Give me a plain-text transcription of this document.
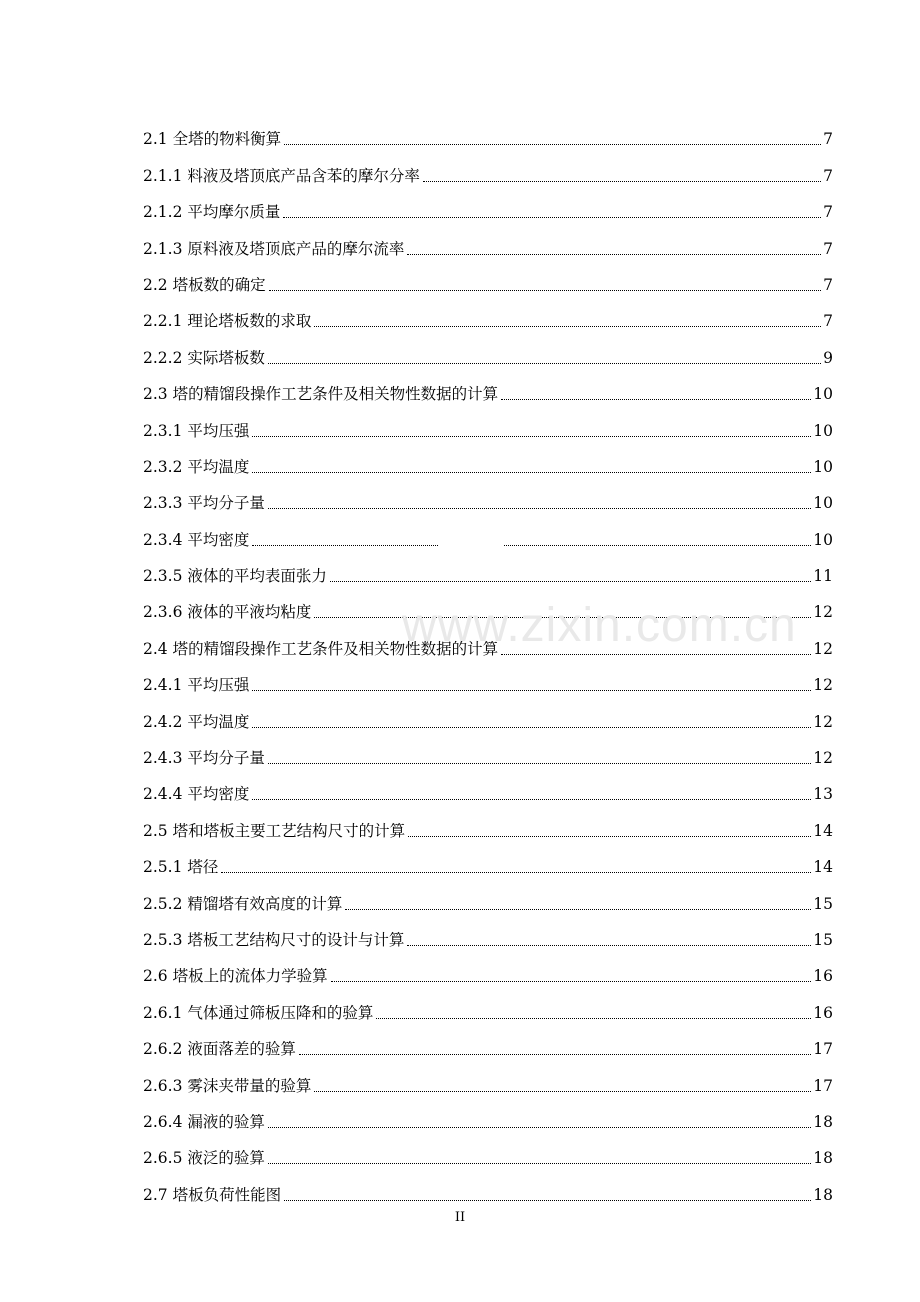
2.1 全塔的物料衡算	7
2.1.1 料液及塔顶底产品含苯的摩尔分率	7
2.1.2 平均摩尔质量	7
2.1.3 原料液及塔顶底产品的摩尔流率	7
2.2 塔板数的确定	7
2.2.1 理论塔板数的求取	7
2.2.2 实际塔板数	9
2.3 塔的精馏段操作工艺条件及相关物性数据的计算	10
2.3.1 平均压强	10
2.3.2 平均温度	10
2.3.3 平均分子量	10
2.3.4 平均密度	10
2.3.5 液体的平均表面张力	11
2.3.6 液体的平液均粘度	12
2.4 塔的精馏段操作工艺条件及相关物性数据的计算	12
2.4.1 平均压强	12
2.4.2 平均温度	12
2.4.3 平均分子量	12
2.4.4 平均密度	13
2.5 塔和塔板主要工艺结构尺寸的计算	14
2.5.1 塔径	14
2.5.2 精馏塔有效高度的计算	15
2.5.3 塔板工艺结构尺寸的设计与计算	15
2.6 塔板上的流体力学验算	16
2.6.1 气体通过筛板压降和的验算	16
2.6.2 液面落差的验算	17
2.6.3 雾沫夹带量的验算	17
2.6.4 漏液的验算	18
2.6.5 液泛的验算	18
2.7 塔板负荷性能图	18
www.zixin.com.cn
II
